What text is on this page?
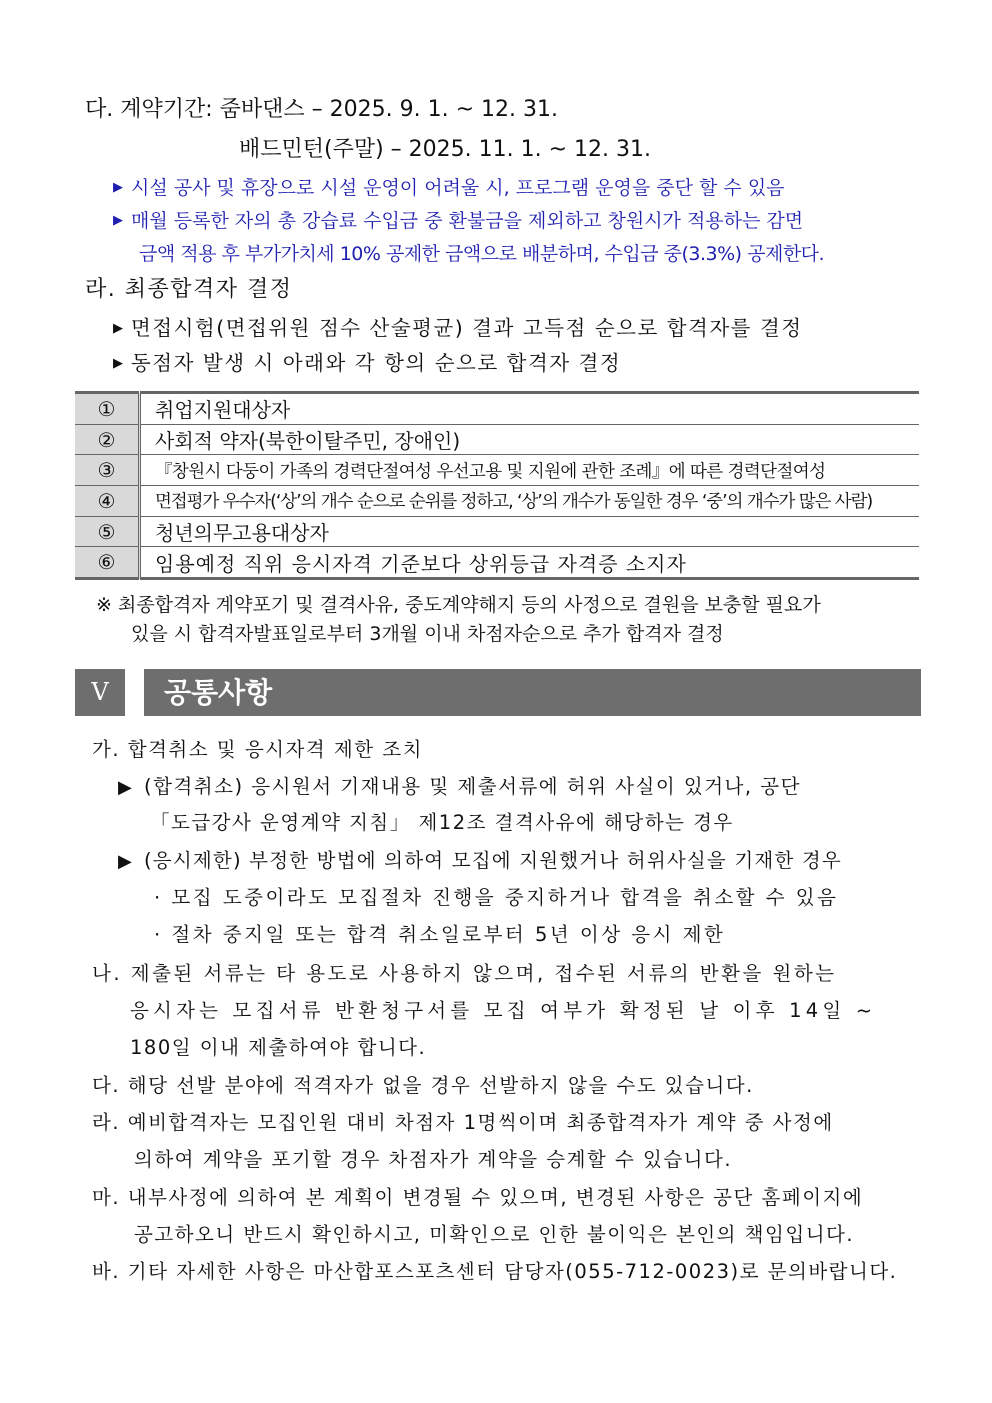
다. 계약기간: 줌바댄스 – 2025. 9. 1. ~ 12. 31.
배드민턴(주말) – 2025. 11. 1. ~ 12. 31.
▶ 시설 공사 및 휴장으로 시설 운영이 어려울 시, 프로그램 운영을 중단 할 수 있음
▶ 매월 등록한 자의 총 강습료 수입금 중 환불금을 제외하고 창원시가 적용하는 감면
금액 적용 후 부가가치세 10% 공제한 금액으로 배분하며, 수입금 중(3.3%) 공제한다.
라. 최종합격자 결정
▶ 면접시험(면접위원 점수 산술평균) 결과 고득점 순으로 합격자를 결정
▶ 동점자 발생 시 아래와 각 항의 순으로 합격자 결정
①	취업지원대상자
②	사회적 약자(북한이탈주민, 장애인)
③	『창원시 다둥이 가족의 경력단절여성 우선고용 및 지원에 관한 조례』에 따른 경력단절여성
④	면접평가 우수자(‘상’의 개수 순으로 순위를 정하고, ‘상’의 개수가 동일한 경우 ‘중’의 개수가 많은 사람)
⑤	청년의무고용대상자
⑥	임용예정 직위 응시자격 기준보다 상위등급 자격증 소지자
※ 최종합격자 계약포기 및 결격사유, 중도계약해지 등의 사정으로 결원을 보충할 필요가
있을 시 합격자발표일로부터 3개월 이내 차점자순으로 추가 합격자 결정
Ⅴ	공통사항
가. 합격취소 및 응시자격 제한 조치
▶ (합격취소) 응시원서 기재내용 및 제출서류에 허위 사실이 있거나, 공단
「도급강사 운영계약 지침」 제12조 결격사유에 해당하는 경우
▶ (응시제한) 부정한 방법에 의하여 모집에 지원했거나 허위사실을 기재한 경우
· 모집 도중이라도 모집절차 진행을 중지하거나 합격을 취소할 수 있음
· 절차 중지일 또는 합격 취소일로부터 5년 이상 응시 제한
나. 제출된 서류는 타 용도로 사용하지 않으며, 접수된 서류의 반환을 원하는
응시자는 모집서류 반환청구서를 모집 여부가 확정된 날 이후 14일 ~
180일 이내 제출하여야 합니다.
다. 해당 선발 분야에 적격자가 없을 경우 선발하지 않을 수도 있습니다.
라. 예비합격자는 모집인원 대비 차점자 1명씩이며 최종합격자가 계약 중 사정에
의하여 계약을 포기할 경우 차점자가 계약을 승계할 수 있습니다.
마. 내부사정에 의하여 본 계획이 변경될 수 있으며, 변경된 사항은 공단 홈페이지에
공고하오니 반드시 확인하시고, 미확인으로 인한 불이익은 본인의 책임입니다.
바. 기타 자세한 사항은 마산합포스포츠센터 담당자(055-712-0023)로 문의바랍니다.
